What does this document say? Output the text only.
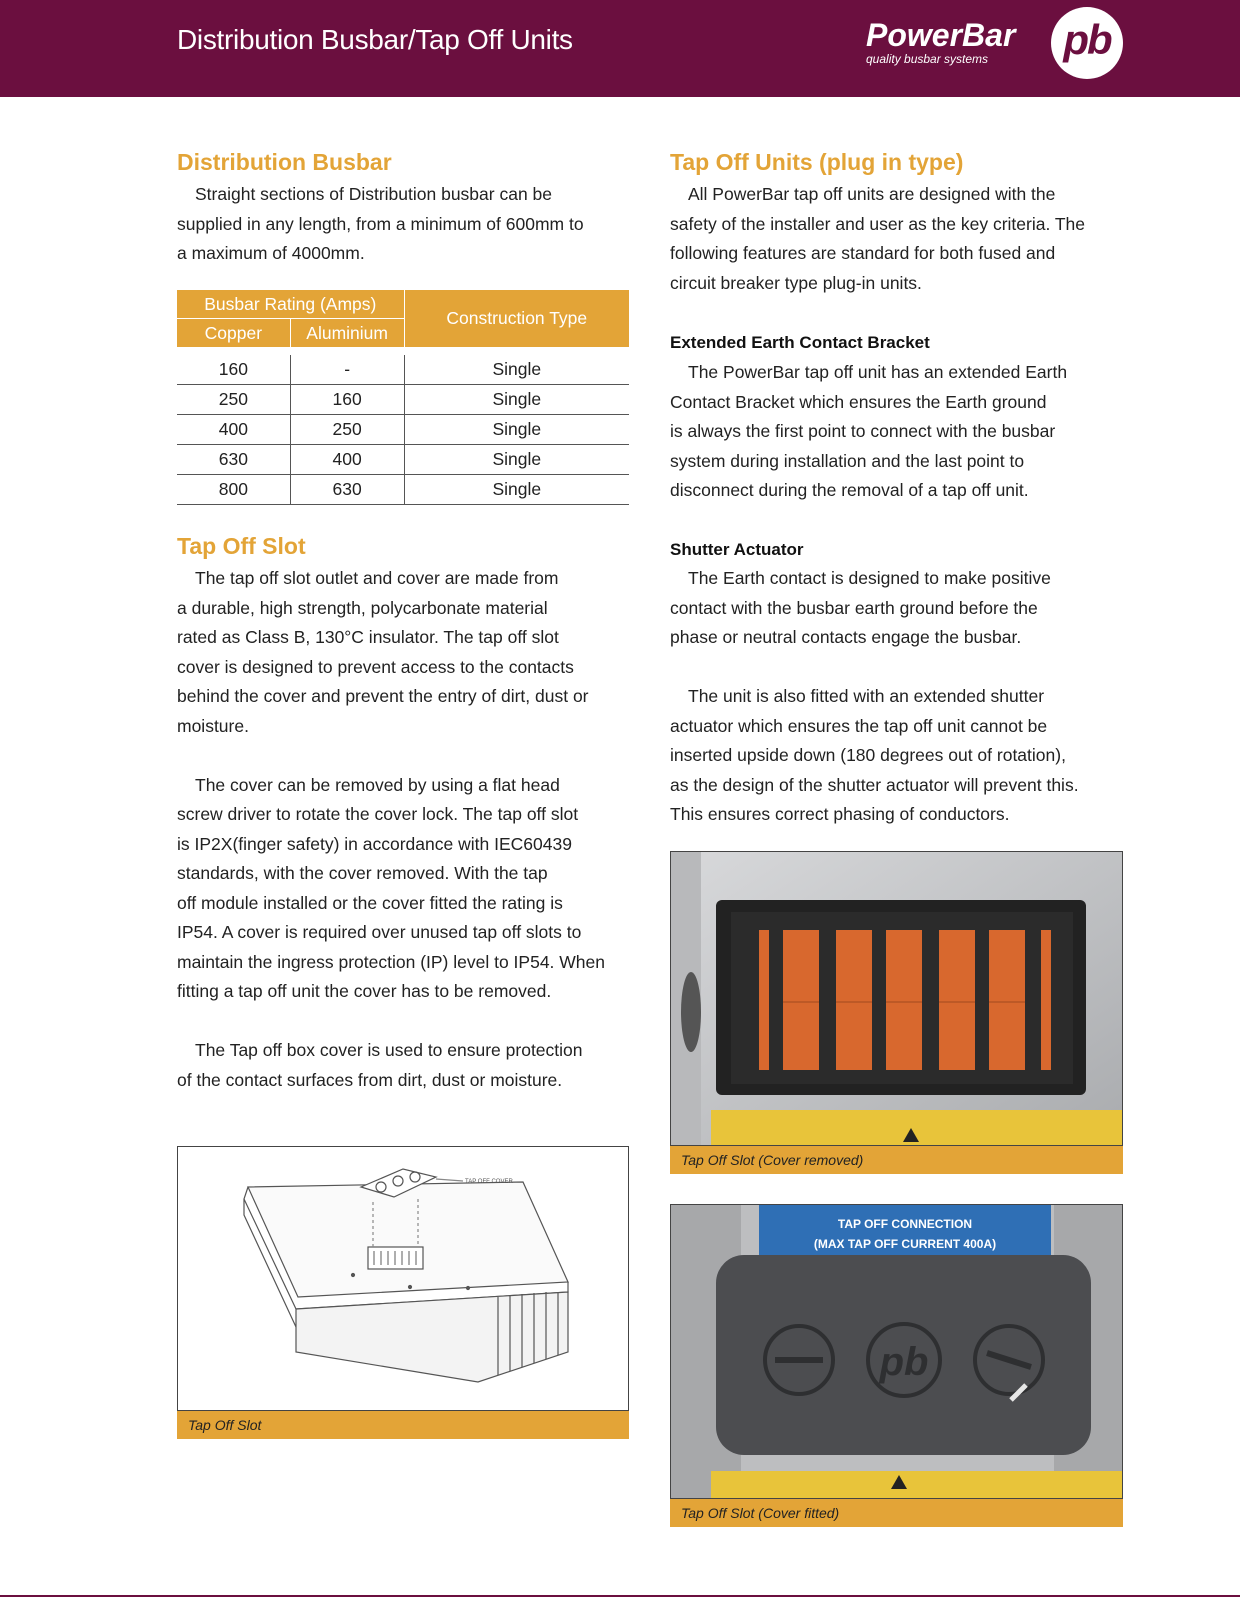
Distribution Busbar/Tap Off Units	PowerBar
quality busbar systems pb
Distribution Busbar
Straight sections of Distribution busbar can be
supplied in any length, from a minimum of 600mm to
a maximum of 4000mm.
Busbar Rating (Amps)		Construction Type
Copper	Aluminium	

160	-	Single
250	160	Single
400	250	Single
630	400	Single
800	630	Single
Tap Off Slot
The tap off slot outlet and cover are made from
a durable, high strength, polycarbonate material
rated as Class B, 130°C insulator. The tap off slot
cover is designed to prevent access to the contacts
behind the cover and prevent the entry of dirt, dust or
moisture.
The cover can be removed by using a flat head
screw driver to rotate the cover lock. The tap off slot
is IP2X(finger safety) in accordance with IEC60439
standards, with the cover removed. With the tap
off module installed or the cover fitted the rating is
IP54. A cover is required over unused tap off slots to
maintain the ingress protection (IP) level to IP54. When
fitting a tap off unit the cover has to be removed.
The Tap off box cover is used to ensure protection
of the contact surfaces from dirt, dust or moisture.
TAP OFF COVER
Tap Off Slot
Tap Off Units (plug in type)
All PowerBar tap off units are designed with the
safety of the installer and user as the key criteria. The
following features are standard for both fused and
circuit breaker type plug-in units.
Extended Earth Contact Bracket
The PowerBar tap off unit has an extended Earth
Contact Bracket which ensures the Earth ground
is always the first point to connect with the busbar
system during installation and the last point to
disconnect during the removal of a tap off unit.
Shutter Actuator
The Earth contact is designed to make positive
contact with the busbar earth ground before the
phase or neutral contacts engage the busbar.
The unit is also fitted with an extended shutter
actuator which ensures the tap off unit cannot be
inserted upside down (180 degrees out of rotation),
as the design of the shutter actuator will prevent this.
This ensures correct phasing of conductors.
Tap Off Slot (Cover removed)
TAP OFF CONNECTION
(MAX TAP OFF CURRENT 400A)
pb
Tap Off Slot (Cover fitted)
